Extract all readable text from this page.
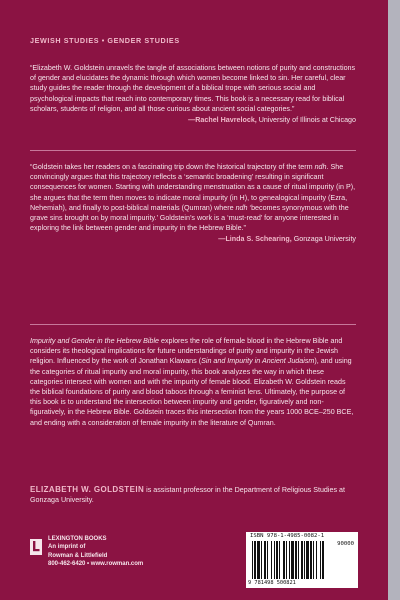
JEWISH STUDIES • GENDER STUDIES
“Elizabeth W. Goldstein unravels the tangle of associations between notions of purity and constructions of gender and elucidates the dynamic through which women become linked to sin. Her careful, clear study guides the reader through the development of a biblical trope with serious social and psychological impacts that reach into contemporary times. This book is a necessary read for biblical scholars, students of religion, and all those curious about ancient social categories.”
—Rachel Havrelock, University of Illinois at Chicago
“Goldstein takes her readers on a fascinating trip down the historical trajectory of the term ndh. She convincingly argues that this trajectory reflects a ‘semantic broadening’ resulting in significant consequences for women. Starting with understanding menstruation as a cause of ritual impurity (in P), she argues that the term then moves to indicate moral impurity (in H), to genealogical impurity (Ezra, Nehemiah), and finally to post-biblical materials (Qumran) where ndh ‘becomes synonymous with the grave sins brought on by moral impurity.’ Goldstein’s work is a ‘must-read’ for anyone interested in exploring the link between gender and impurity in the Hebrew Bible.”
—Linda S. Schearing, Gonzaga University
Impurity and Gender in the Hebrew Bible explores the role of female blood in the Hebrew Bible and considers its theological implications for future understandings of purity and impurity in the Jewish religion. Influenced by the work of Jonathan Klawans (Sin and Impurity in Ancient Judaism), and using the categories of ritual impurity and moral impurity, this book analyzes the way in which these categories intersect with women and with the impurity of female blood. Elizabeth W. Goldstein reads the biblical foundations of purity and blood taboos through a feminist lens. Ultimately, the purpose of this book is to understand the intersection between impurity and gender, figuratively and non-figuratively, in the Hebrew Bible. Goldstein traces this intersection from the years 1000 BCE–250 BCE, and ending with a consideration of female impurity in the literature of Qumran.
ELIZABETH W. GOLDSTEIN is assistant professor in the Department of Religious Studies at Gonzaga University.
LEXINGTON BOOKS
An imprint of
Rowman & Littlefield
800-462-6420 • www.rowman.com
ISBN 978-1-4985-0082-1
90000
9 781498 500821
